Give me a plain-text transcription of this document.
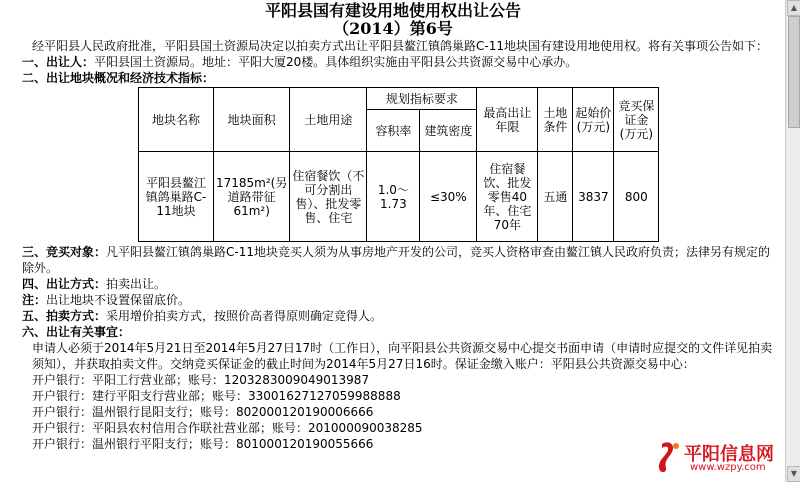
平阳县国有建设用地使用权出让公告
（2014）第6号
经平阳县人民政府批准，平阳县国土资源局决定以拍卖方式出让平阳县鳌江镇鸽巢路C-11地块国有建设用地使用权。将有关事项公告如下：
一、出让人：平阳县国土资源局。地址：平阳大厦20楼。具体组织实施由平阳县公共资源交易中心承办。
二、出让地块概况和经济技术指标：
地块名称	地块面积	土地用途	规划指标要求		最高出让年限	土地条件	起始价(万元)	竞买保证金(万元)
			容积率	建筑密度				
平阳县鳌江镇鸽巢路C-11地块	17185m²(另道路带征61m²)	住宿餐饮（不可分割出售）、批发零售、住宅	1.0～1.73	≤30%	住宿餐饮、批发零售40年、住宅70年	五通	3837	800
三、竞买对象：凡平阳县鳌江镇鸽巢路C-11地块竞买人须为从事房地产开发的公司，竞买人资格审查由鳌江镇人民政府负责；法律另有规定的除外。
四、出让方式：拍卖出让。
注：出让地块不设置保留底价。
五、拍卖方式：采用增价拍卖方式，按照价高者得原则确定竞得人。
六、出让有关事宜：
申请人必须于2014年5月21日至2014年5月27日17时（工作日），向平阳县公共资源交易中心提交书面申请（申请时应提交的文件详见拍卖须知），并获取拍卖文件。交纳竞买保证金的截止时间为2014年5月27日16时。保证金缴入账户：平阳县公共资源交易中心：
开户银行：平阳工行营业部；账号：1203283009049013987
开户银行：建行平阳支行营业部；账号：33001627127059988888
开户银行：温州银行昆阳支行；账号：802000120190006666
开户银行：平阳县农村信用合作联社营业部；账号：201000090038285
开户银行：温州银行平阳支行；账号：801000120190055666	平阳信息网
www.wzpy.com
▲
▼
